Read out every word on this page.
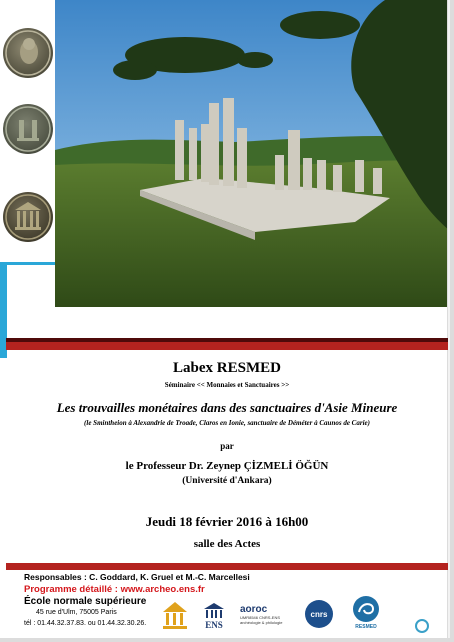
Labex RESMED
Séminaire << Monnaies et Sanctuaires >>
Les trouvailles monétaires dans des sanctuaires d'Asie Mineure
(le Smintheion à Alexandrie de Troade, Claros en Ionie, sanctuaire de Déméter à Caunos de Carie)
par
le Professeur Dr. Zeynep ÇİZMELİ ÖĞÜN
(Université d'Ankara)
Jeudi 18 février 2016 à 16h00
salle des Actes
Responsables : C. Goddard, K. Gruel et M.-C. Marcellesi
Programme détaillé : www.archeo.ens.fr
École normale supérieure
45 rue d'Ulm, 75005 Paris
tél : 01.44.32.37.83. ou 01.44.32.30.26.	ENS
aoroc
UMR8546 CNRS-ENS archéologie & philologie
cnrs
RESMED
